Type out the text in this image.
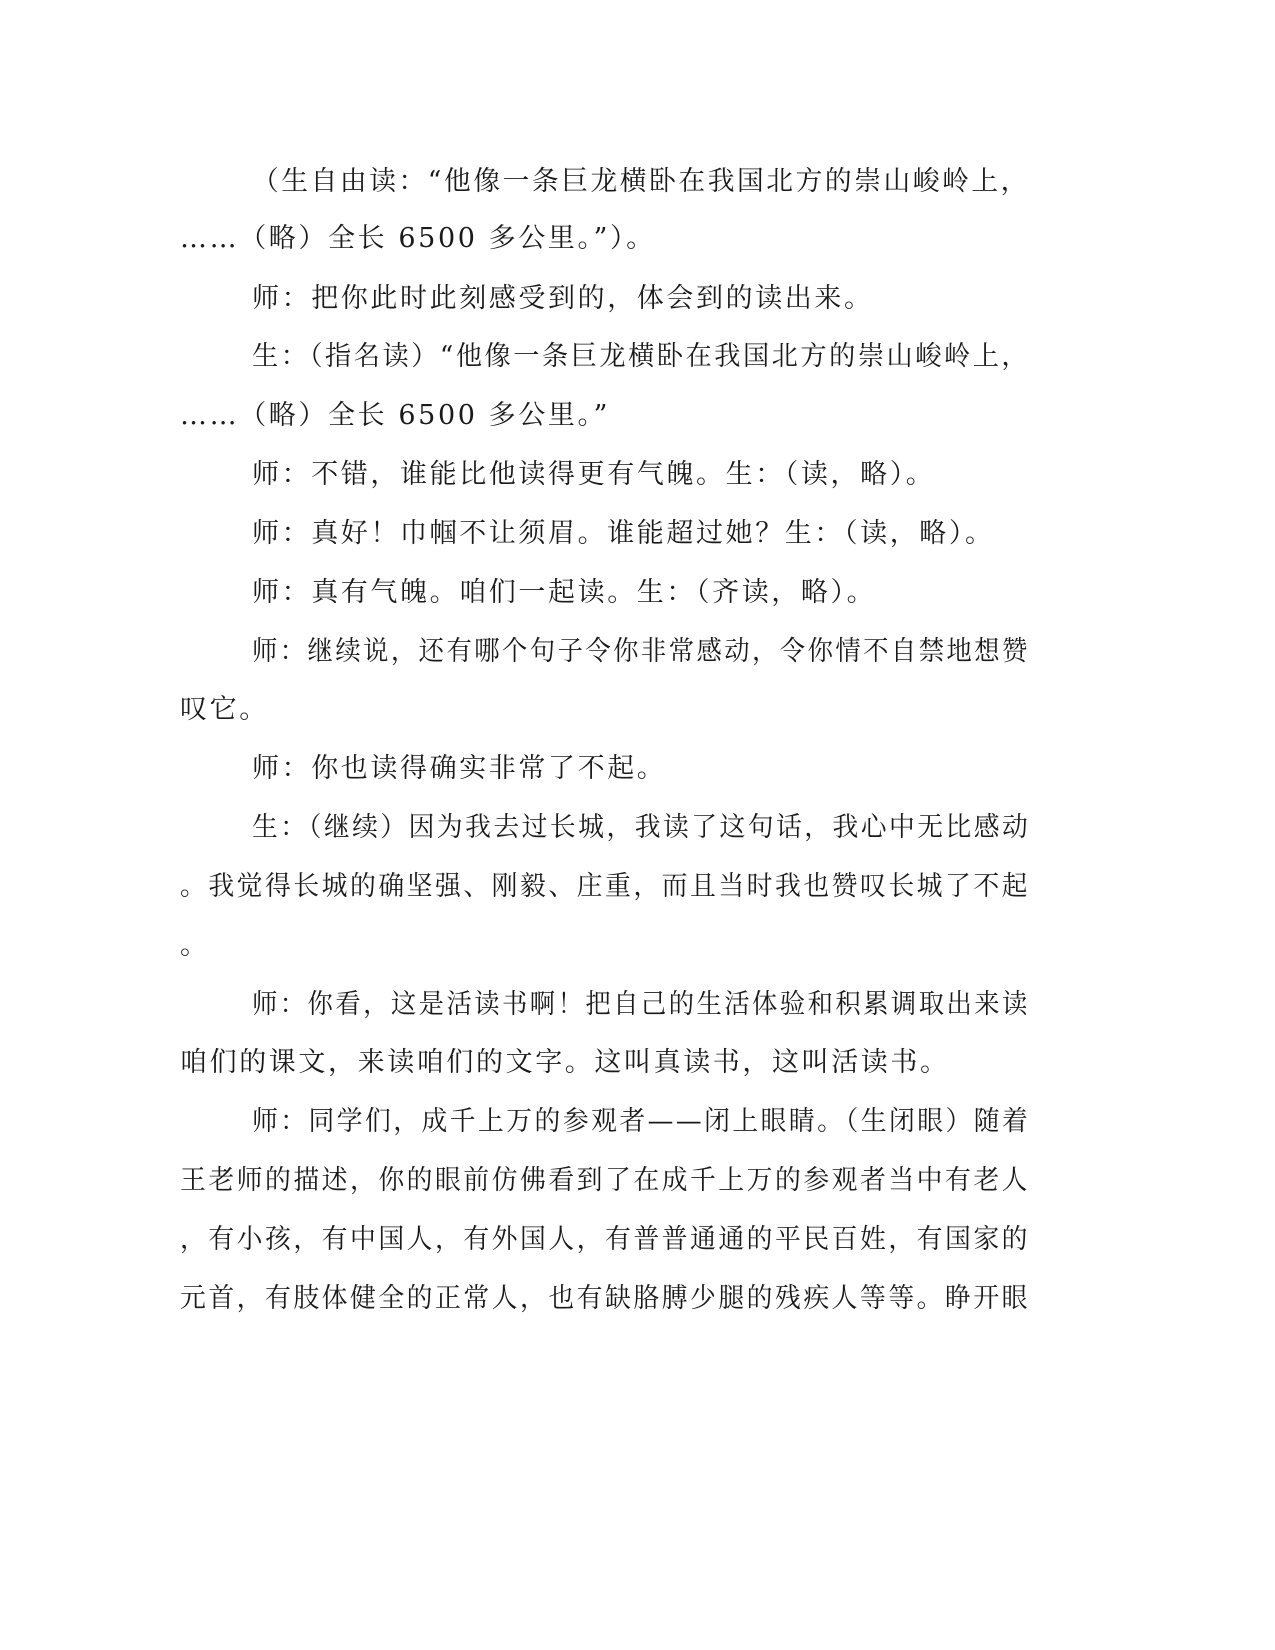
（生自由读：“他像一条巨龙横卧在我国北方的崇山峻岭上，
……（略）全长 6500 多公里。”）。
师：把你此时此刻感受到的，体会到的读出来。
生：（指名读）“他像一条巨龙横卧在我国北方的崇山峻岭上，
……（略）全长 6500 多公里。”
师：不错，谁能比他读得更有气魄。生：（读，略）。
师：真好！巾帼不让须眉。谁能超过她？生：（读，略）。
师：真有气魄。咱们一起读。生：（齐读，略）。
师：继续说，还有哪个句子令你非常感动，令你情不自禁地想赞
叹它。
师：你也读得确实非常了不起。
生：（继续）因为我去过长城，我读了这句话，我心中无比感动
。我觉得长城的确坚强、刚毅、庄重，而且当时我也赞叹长城了不起
。
师：你看，这是活读书啊！把自己的生活体验和积累调取出来读
咱们的课文，来读咱们的文字。这叫真读书，这叫活读书。
师：同学们，成千上万的参观者——闭上眼睛。（生闭眼）随着
王老师的描述，你的眼前仿佛看到了在成千上万的参观者当中有老人
，有小孩，有中国人，有外国人，有普普通通的平民百姓，有国家的
元首，有肢体健全的正常人，也有缺胳膊少腿的残疾人等等。睁开眼
